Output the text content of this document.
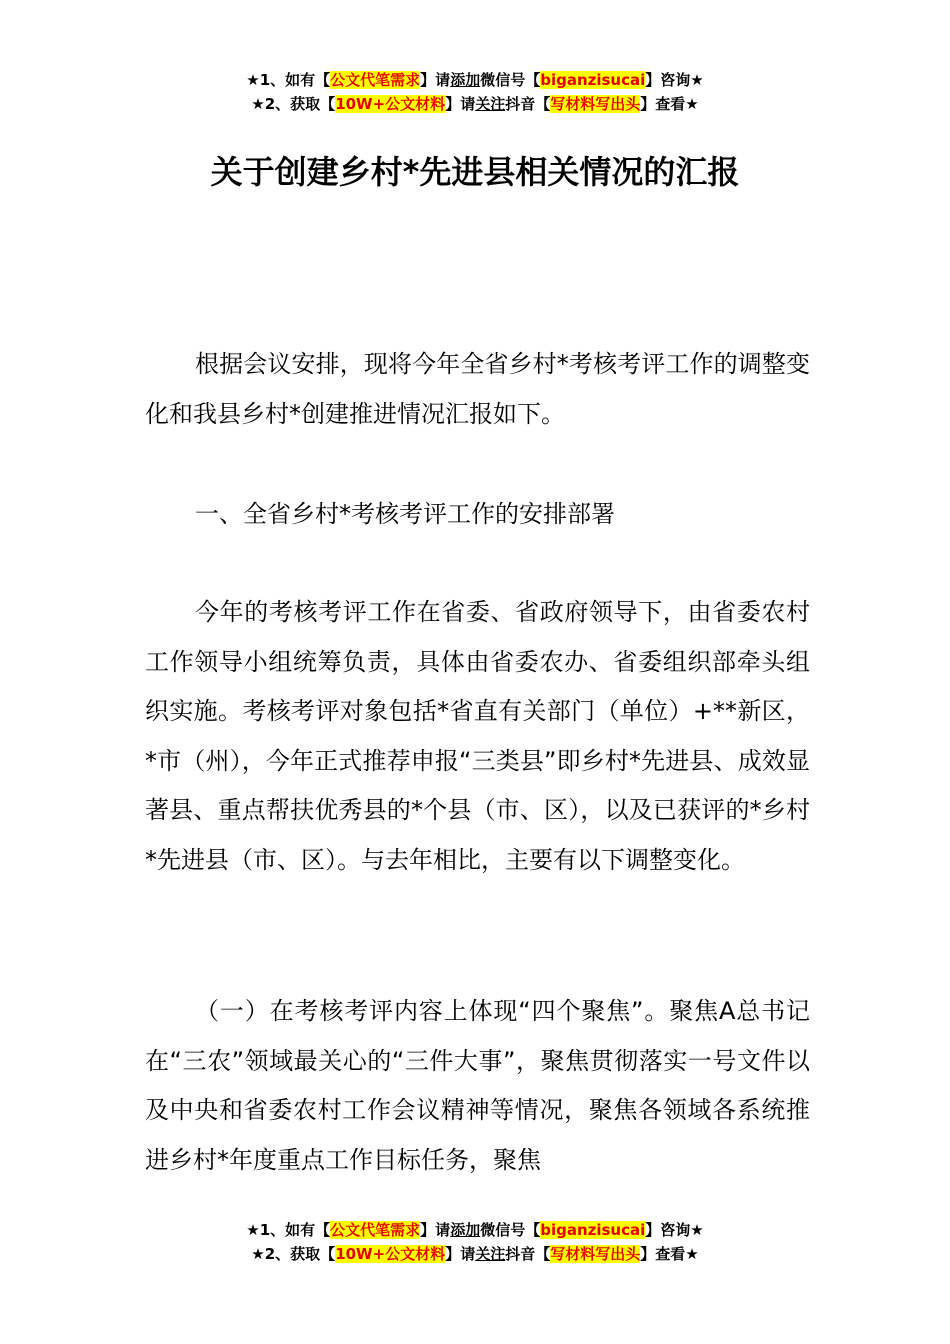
★1、如有【公文代笔需求】请添加微信号【biganzisucai】咨询★
★2、获取【10W+公文材料】请关注抖音【写材料写出头】查看★
关于创建乡村*先进县相关情况的汇报

根据会议安排，现将今年全省乡村*考核考评工作的调整变化和我县乡村*创建推进情况汇报如下。

一、全省乡村*考核考评工作的安排部署

今年的考核考评工作在省委、省政府领导下，由省委农村工作领导小组统筹负责，具体由省委农办、省委组织部牵头组织实施。考核考评对象包括*省直有关部门（单位）+**新区，*市（州），今年正式推荐申报“三类县”即乡村*先进县、成效显著县、重点帮扶优秀县的*个县（市、区），以及已获评的*乡村*先进县（市、区）。与去年相比，主要有以下调整变化。

（一）在考核考评内容上体现“四个聚焦”。聚焦A总书记在“三农”领域最关心的“三件大事”，聚焦贯彻落实一号文件以及中央和省委农村工作会议精神等情况，聚焦各领域各系统推进乡村*年度重点工作目标任务，聚焦

★1、如有【公文代笔需求】请添加微信号【biganzisucai】咨询★
★2、获取【10W+公文材料】请关注抖音【写材料写出头】查看★
